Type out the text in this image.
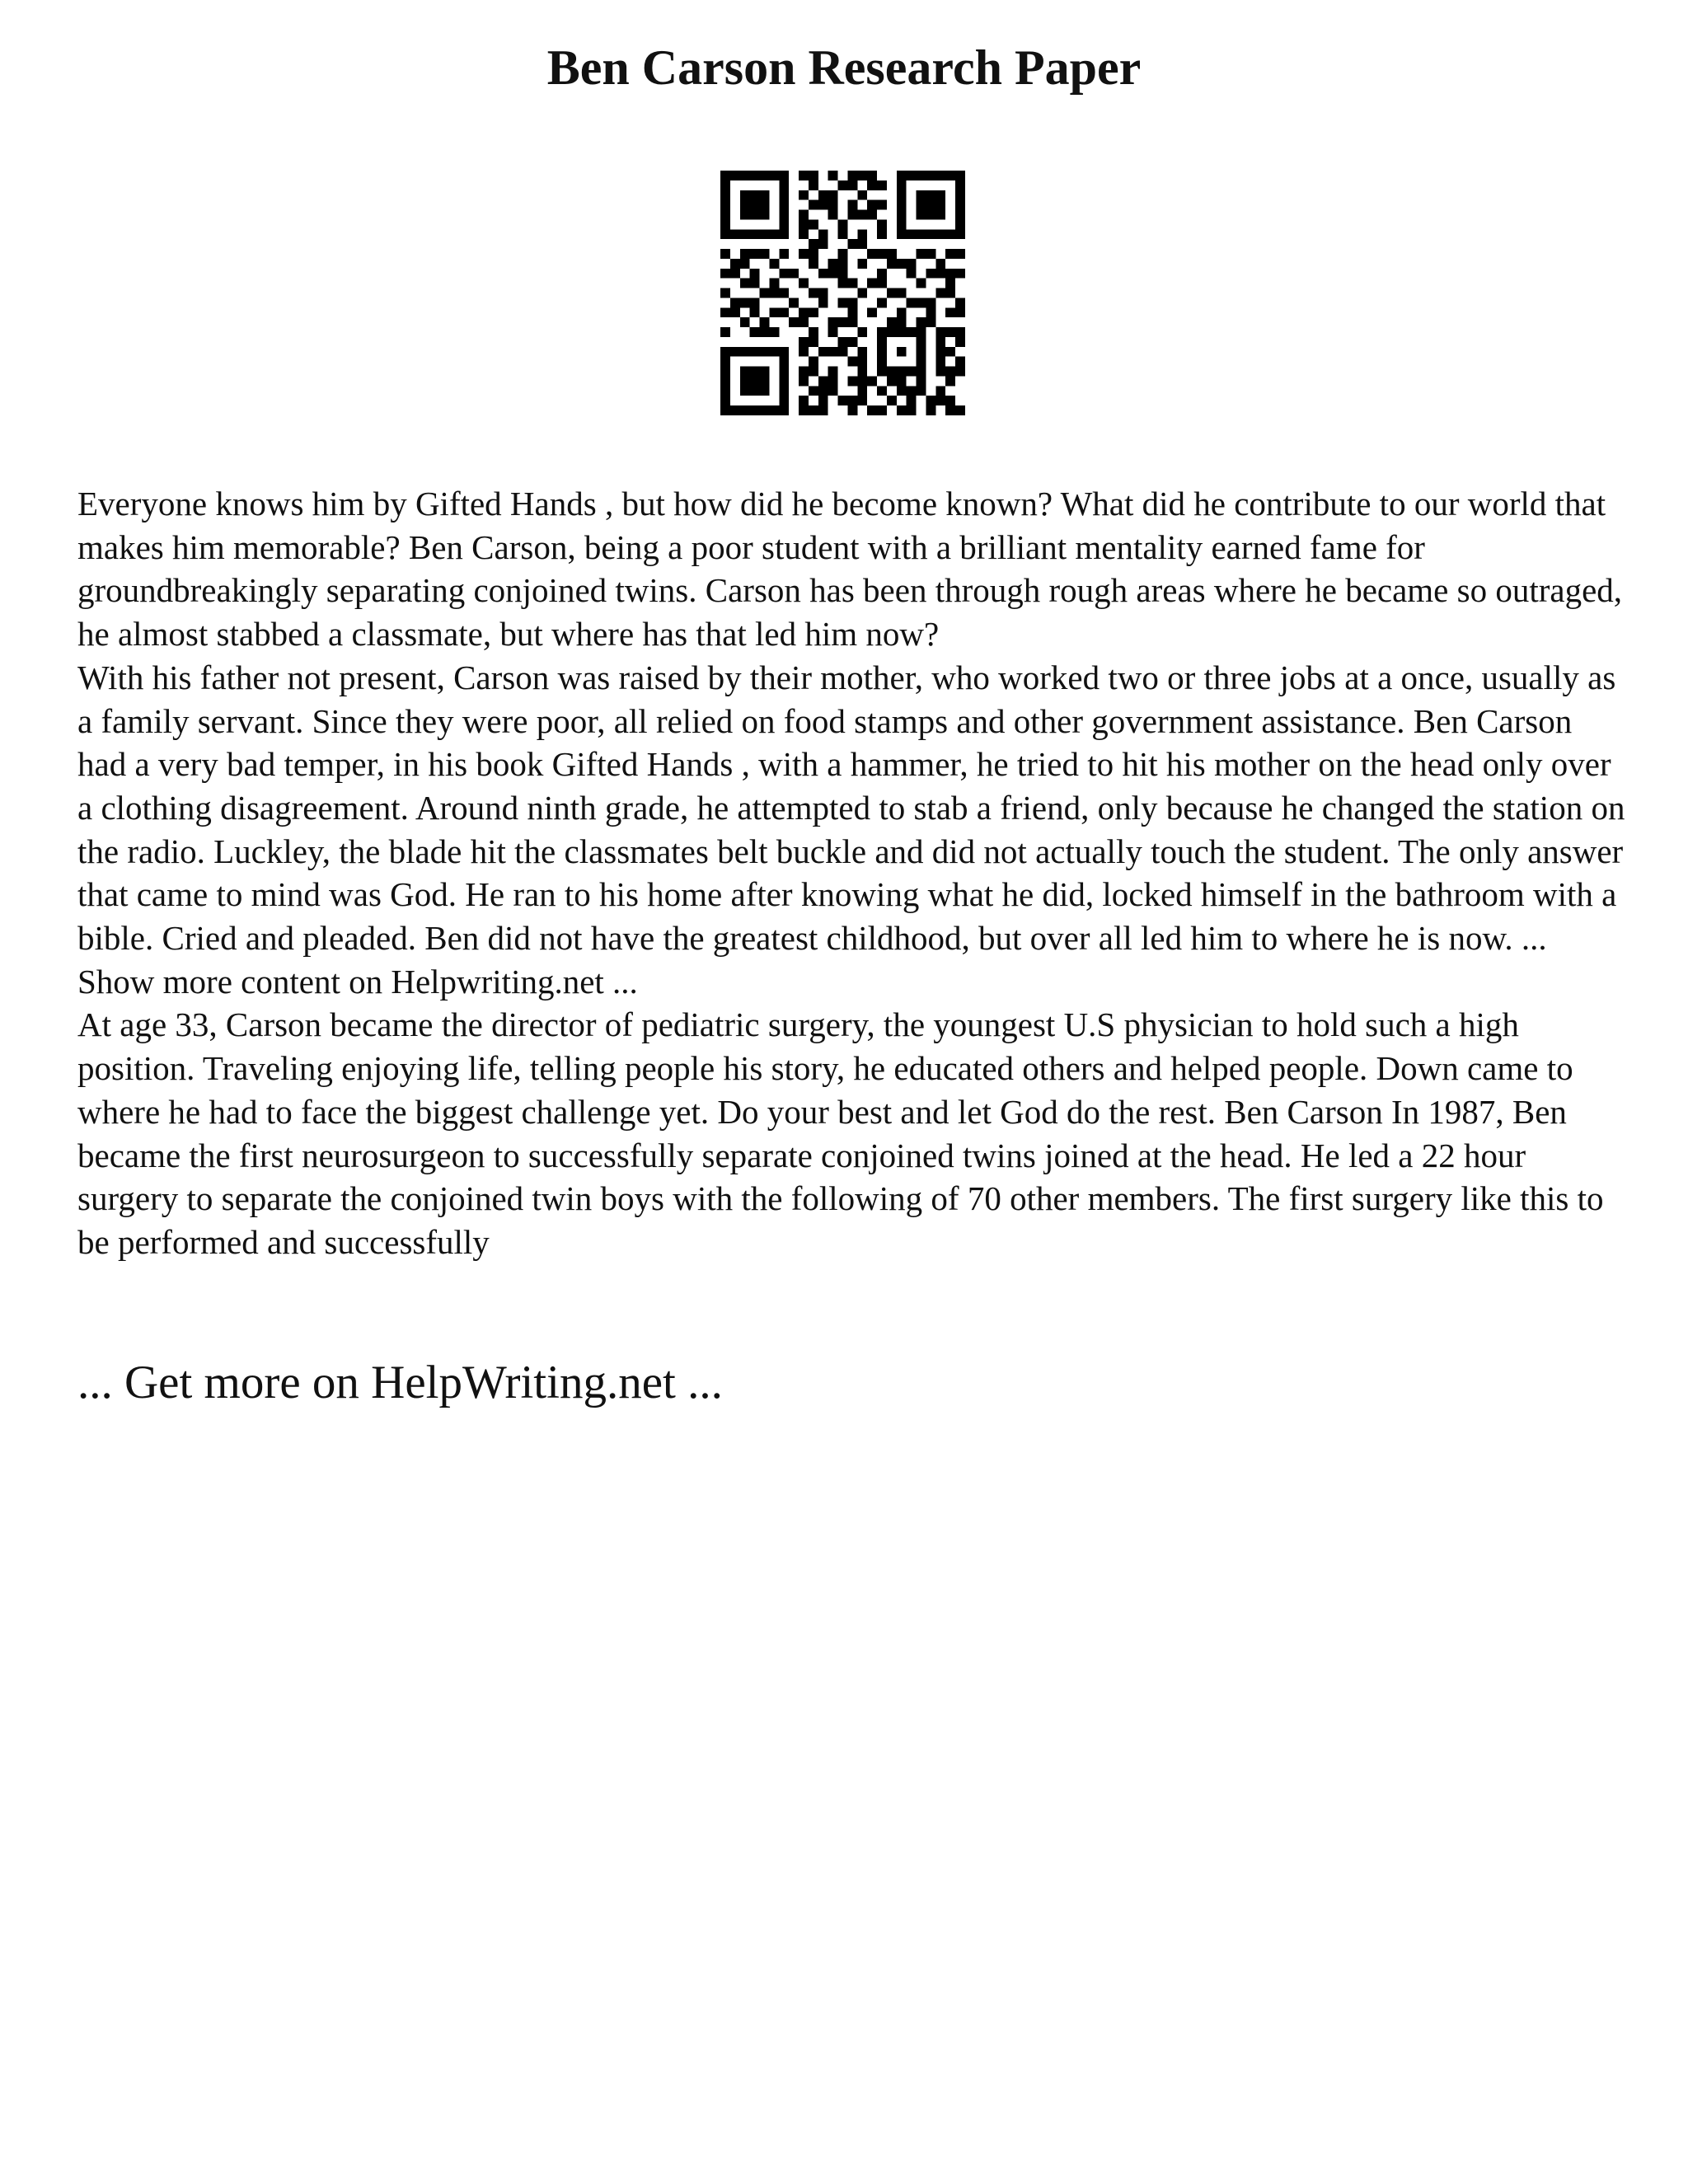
Ben Carson Research Paper

Everyone knows him by Gifted Hands , but how did he become known? What did he contribute to our world that makes him memorable? Ben Carson, being a poor student with a brilliant mentality earned fame for groundbreakingly separating conjoined twins. Carson has been through rough areas where he became so outraged, he almost stabbed a classmate, but where has that led him now?

With his father not present, Carson was raised by their mother, who worked two or three jobs at a once, usually as a family servant. Since they were poor, all relied on food stamps and other government assistance. Ben Carson had a very bad temper, in his book Gifted Hands , with a hammer, he tried to hit his mother on the head only over a clothing disagreement. Around ninth grade, he attempted to stab a friend, only because he changed the station on the radio. Luckley, the blade hit the classmates belt buckle and did not actually touch the student. The only answer that came to mind was God. He ran to his home after knowing what he did, locked himself in the bathroom with a bible. Cried and pleaded. Ben did not have the greatest childhood, but over all led him to where he is now. ...

Show more content on Helpwriting.net ...

At age 33, Carson became the director of pediatric surgery, the youngest U.S physician to hold such a high position. Traveling enjoying life, telling people his story, he educated others and helped people. Down came to where he had to face the biggest challenge yet. Do your best and let God do the rest. Ben Carson In 1987, Ben became the first neurosurgeon to successfully separate conjoined twins joined at the head. He led a 22 hour surgery to separate the conjoined twin boys with the following of 70 other members. The first surgery like this to be performed and successfully

... Get more on HelpWriting.net ...
